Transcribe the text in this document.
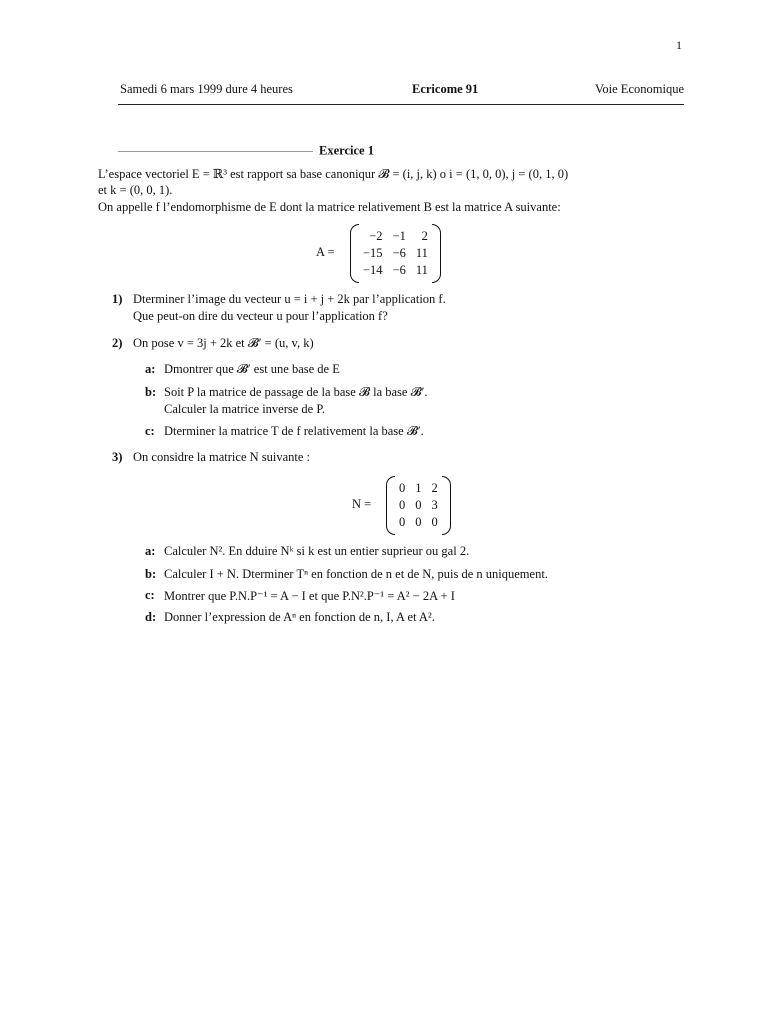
1
Samedi 6 mars 1999 dure 4 heures	Ecricome 91	Voie Economique
Exercice 1
L’espace vectoriel E = ℝ³ est rapport sa base canoniqur 𝓑 = (i, j, k) o i = (1, 0, 0), j = (0, 1, 0)
et k = (0, 0, 1).
On appelle f l’endomorphisme de E dont la matrice relativement B est la matrice A suivante:
A =
−2	−1	2
−15	−6	11
−14	−6	11
1) Dterminer l’image du vecteur u = i + j + 2k par l’application f.
Que peut-on dire du vecteur u pour l’application f?
2) On pose v = 3j + 2k et 𝓑′ = (u, v, k)
a: Dmontrer que 𝓑′ est une base de E
b: Soit P la matrice de passage de la base 𝓑 la base 𝓑′.
Calculer la matrice inverse de P.
c: Dterminer la matrice T de f relativement la base 𝓑′.
3) On considre la matrice N suivante :
N =
0	1	2
0	0	3
0	0	0
a: Calculer N². En dduire Nᵏ si k est un entier suprieur ou gal 2.
b: Calculer I + N. Dterminer Tⁿ en fonction de n et de N, puis de n uniquement.
c: Montrer que P.N.P⁻¹ = A − I et que P.N².P⁻¹ = A² − 2A + I
d: Donner l’expression de Aⁿ en fonction de n, I, A et A².
